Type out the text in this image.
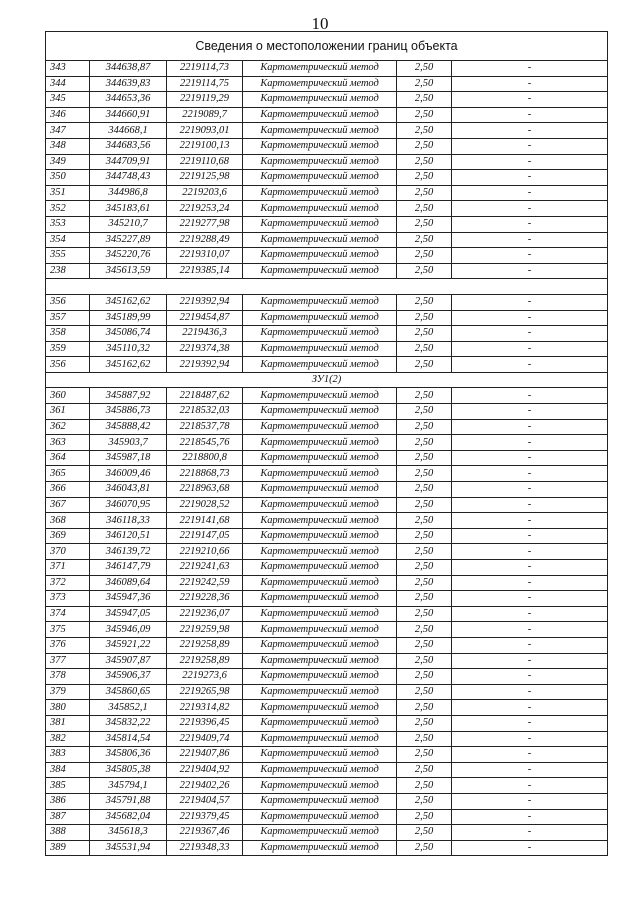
10
Сведения о местоположении границ объекта					
343	344638,87	2219114,73	Картометрический метод	2,50	-
344	344639,83	2219114,75	Картометрический метод	2,50	-
345	344653,36	2219119,29	Картометрический метод	2,50	-
346	344660,91	2219089,7	Картометрический метод	2,50	-
347	344668,1	2219093,01	Картометрический метод	2,50	-
348	344683,56	2219100,13	Картометрический метод	2,50	-
349	344709,91	2219110,68	Картометрический метод	2,50	-
350	344748,43	2219125,98	Картометрический метод	2,50	-
351	344986,8	2219203,6	Картометрический метод	2,50	-
352	345183,61	2219253,24	Картометрический метод	2,50	-
353	345210,7	2219277,98	Картометрический метод	2,50	-
354	345227,89	2219288,49	Картометрический метод	2,50	-
355	345220,76	2219310,07	Картометрический метод	2,50	-
238	345613,59	2219385,14	Картометрический метод	2,50	-

356	345162,62	2219392,94	Картометрический метод	2,50	-
357	345189,99	2219454,87	Картометрический метод	2,50	-
358	345086,74	2219436,3	Картометрический метод	2,50	-
359	345110,32	2219374,38	Картометрический метод	2,50	-
356	345162,62	2219392,94	Картометрический метод	2,50	-
ЗУ1(2)					
360	345887,92	2218487,62	Картометрический метод	2,50	-
361	345886,73	2218532,03	Картометрический метод	2,50	-
362	345888,42	2218537,78	Картометрический метод	2,50	-
363	345903,7	2218545,76	Картометрический метод	2,50	-
364	345987,18	2218800,8	Картометрический метод	2,50	-
365	346009,46	2218868,73	Картометрический метод	2,50	-
366	346043,81	2218963,68	Картометрический метод	2,50	-
367	346070,95	2219028,52	Картометрический метод	2,50	-
368	346118,33	2219141,68	Картометрический метод	2,50	-
369	346120,51	2219147,05	Картометрический метод	2,50	-
370	346139,72	2219210,66	Картометрический метод	2,50	-
371	346147,79	2219241,63	Картометрический метод	2,50	-
372	346089,64	2219242,59	Картометрический метод	2,50	-
373	345947,36	2219228,36	Картометрический метод	2,50	-
374	345947,05	2219236,07	Картометрический метод	2,50	-
375	345946,09	2219259,98	Картометрический метод	2,50	-
376	345921,22	2219258,89	Картометрический метод	2,50	-
377	345907,87	2219258,89	Картометрический метод	2,50	-
378	345906,37	2219273,6	Картометрический метод	2,50	-
379	345860,65	2219265,98	Картометрический метод	2,50	-
380	345852,1	2219314,82	Картометрический метод	2,50	-
381	345832,22	2219396,45	Картометрический метод	2,50	-
382	345814,54	2219409,74	Картометрический метод	2,50	-
383	345806,36	2219407,86	Картометрический метод	2,50	-
384	345805,38	2219404,92	Картометрический метод	2,50	-
385	345794,1	2219402,26	Картометрический метод	2,50	-
386	345791,88	2219404,57	Картометрический метод	2,50	-
387	345682,04	2219379,45	Картометрический метод	2,50	-
388	345618,3	2219367,46	Картометрический метод	2,50	-
389	345531,94	2219348,33	Картометрический метод	2,50	-
